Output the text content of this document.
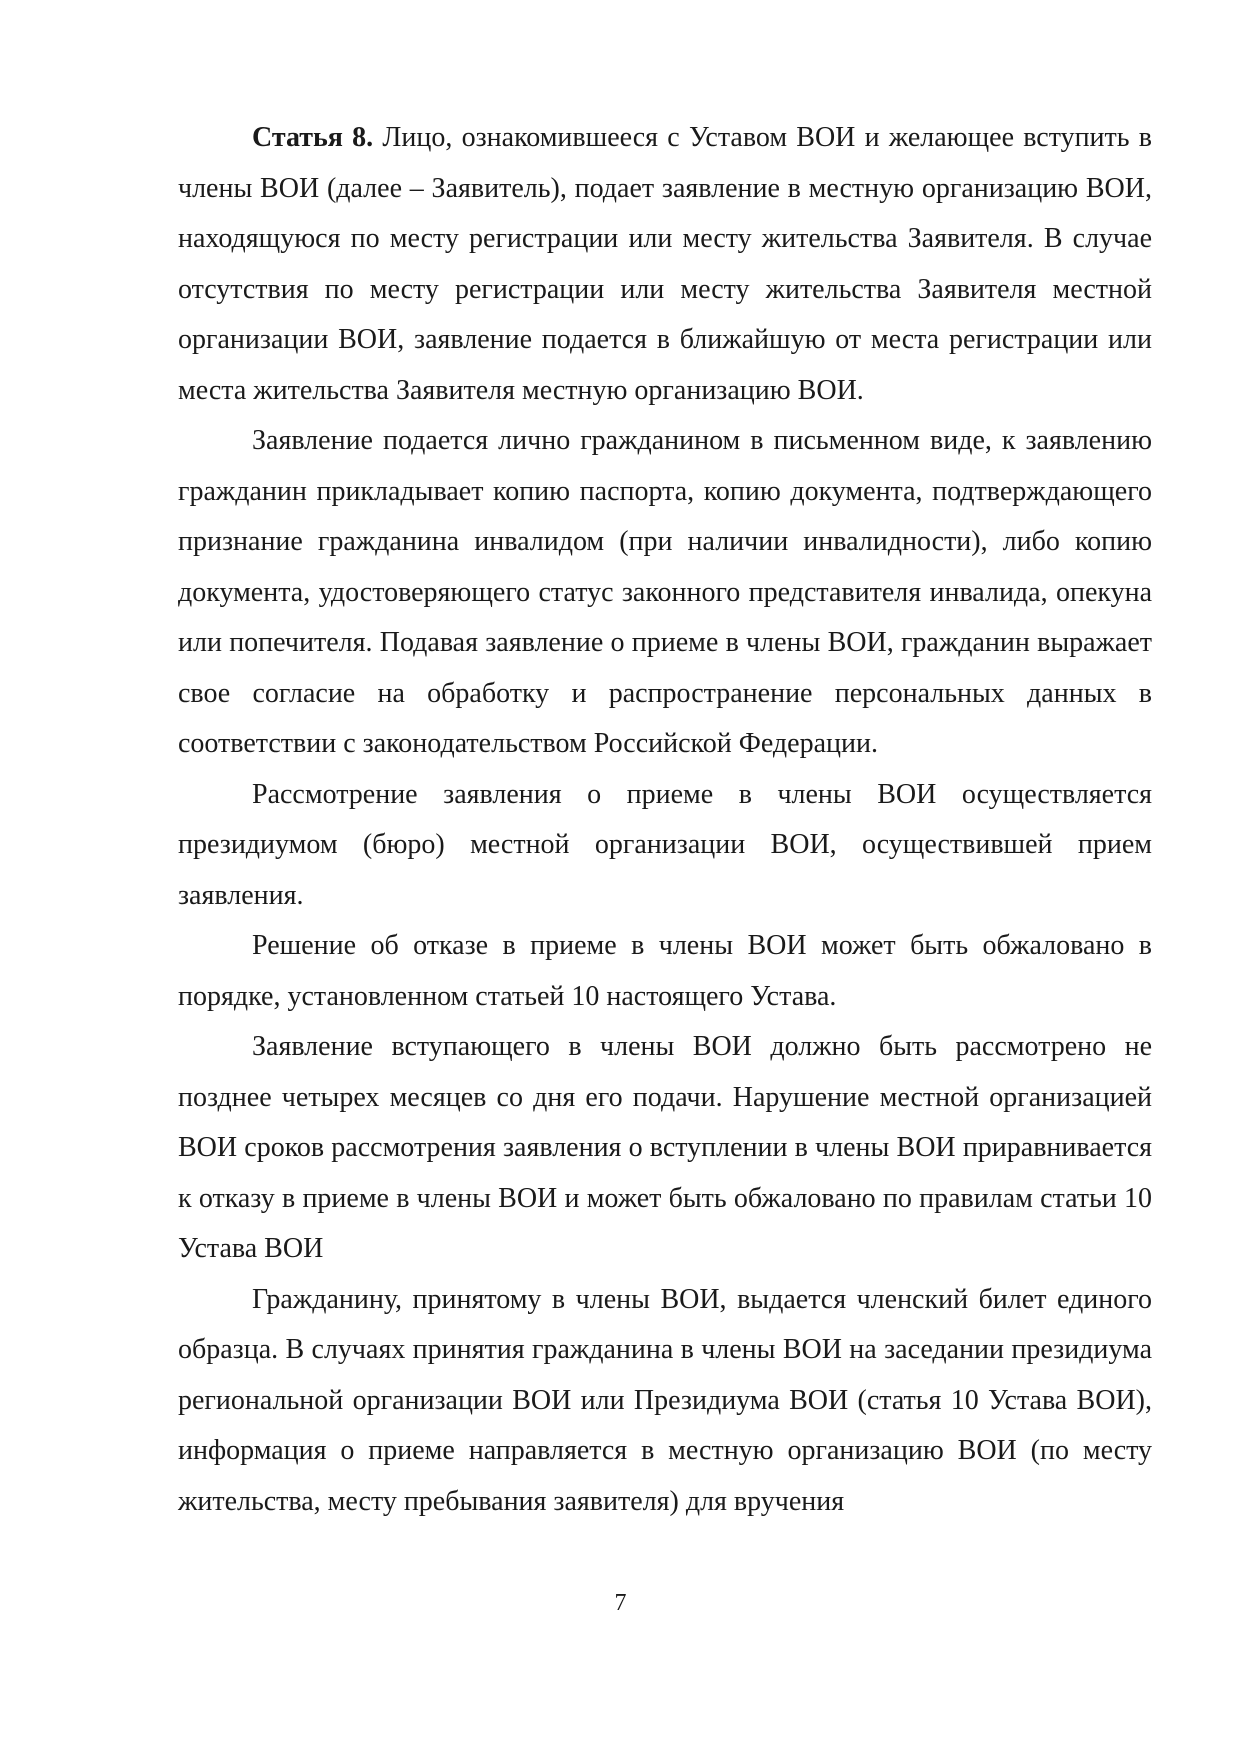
Статья 8. Лицо, ознакомившееся с Уставом ВОИ и желающее вступить в члены ВОИ (далее – Заявитель), подает заявление в местную организацию ВОИ, находящуюся по месту регистрации или месту жительства Заявителя. В случае отсутствия по месту регистрации или месту жительства Заявителя местной организации ВОИ, заявление подается в ближайшую от места регистрации или места жительства Заявителя местную организацию ВОИ.

Заявление подается лично гражданином в письменном виде, к заявлению гражданин прикладывает копию паспорта, копию документа, подтверждающего признание гражданина инвалидом (при наличии инвалидности), либо копию документа, удостоверяющего статус законного представителя инвалида, опекуна или попечителя. Подавая заявление о приеме в члены ВОИ, гражданин выражает свое согласие на обработку и распространение персональных данных в соответствии с законодательством Российской Федерации.

Рассмотрение заявления о приеме в члены ВОИ осуществляется президиумом (бюро) местной организации ВОИ, осуществившей прием заявления.

Решение об отказе в приеме в члены ВОИ может быть обжаловано в порядке, установленном статьей 10 настоящего Устава.

Заявление вступающего в члены ВОИ должно быть рассмотрено не позднее четырех месяцев со дня его подачи. Нарушение местной организацией ВОИ сроков рассмотрения заявления о вступлении в члены ВОИ приравнивается к отказу в приеме в члены ВОИ и может быть обжаловано по правилам статьи 10 Устава ВОИ

Гражданину, принятому в члены ВОИ, выдается членский билет единого образца. В случаях принятия гражданина в члены ВОИ на заседании президиума региональной организации ВОИ или Президиума ВОИ (статья 10 Устава ВОИ), информация о приеме направляется в местную организацию ВОИ (по месту жительства, месту пребывания заявителя) для вручения

7
